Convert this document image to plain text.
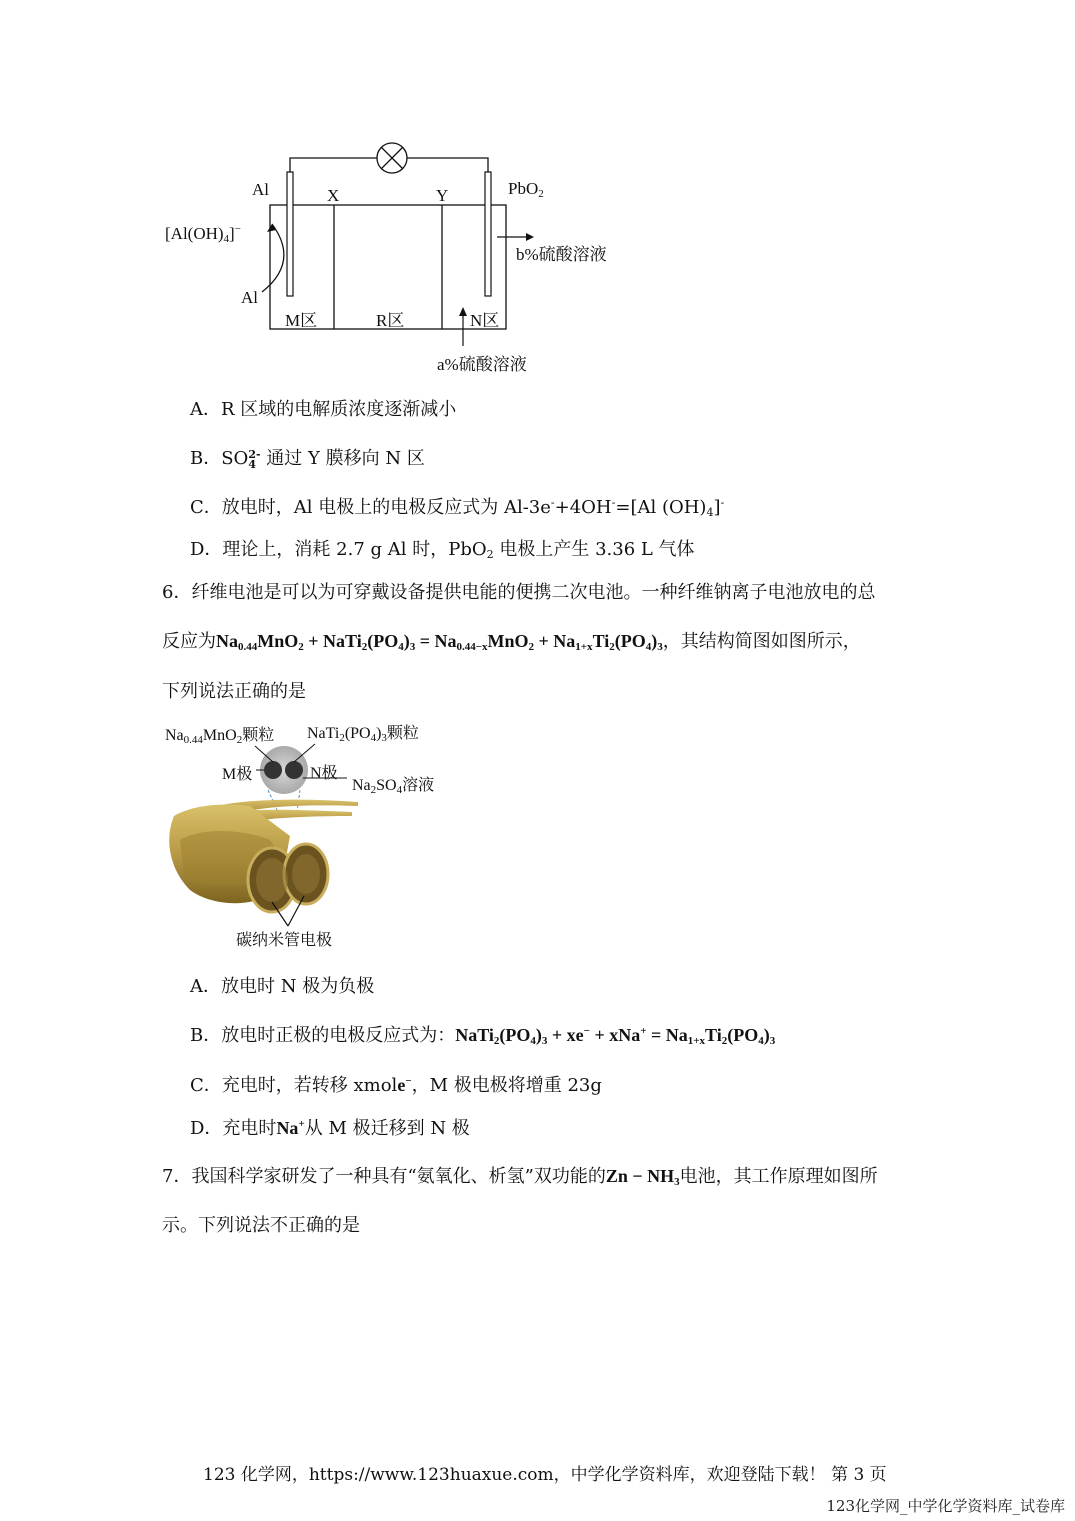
Al	X	Y	PbO$_2$
$[Al(OH)_4]^-$
Al
b%硫酸溶液
M区	R区	N区
a%硫酸溶液
A．R 区域的电解质浓度逐渐减小
B．SO 2-
4 通过 Y 膜移向 N 区
C．放电时，Al 电极上的电极反应式为 Al-3e-+4OH-=[Al $(OH)_4]^-$
D．理论上，消耗 2.7 g Al 时，PbO$_2$ 电极上产生 3.36 L 气体
6．纤维电池是可以为可穿戴设备提供电能的便携二次电池。一种纤维钠离子电池放电的总
反应为$Na_{0.44}MnO_2$ + $NaTi_2(PO_4)_3 = Na_{0.44-x}MnO_2 + Na_{1+x}Ti_2(PO_4)_3$，其结构简图如图所示，
下列说法正确的是
$Na_{0.44}MnO_2$颗粒 $NaTi_2(PO_4)_3$颗粒
M极	N极
$Na_2SO_4$溶液
碳纳米管电极
A．放电时 N 极为负极
B．放电时正极的电极反应式为：$NaTi_2(PO_4)_3 + xe^- + xNa^+ = Na_{1+x}Ti_2(PO_4)_3$
C．充电时，若转移 xmole−，M 极电极将增重 23g
D．充电时Na+从 M 极迁移到 N 极
7．我国科学家研发了一种具有“氨氧化、析氢”双功能的$Zn - NH_3$电池，其工作原理如图所
示。下列说法不正确的是
123 化学网，https://www.123huaxue.com，中学化学资料库，欢迎登陆下载！ 第 3 页
123化学网_中学化学资料库_试卷库
